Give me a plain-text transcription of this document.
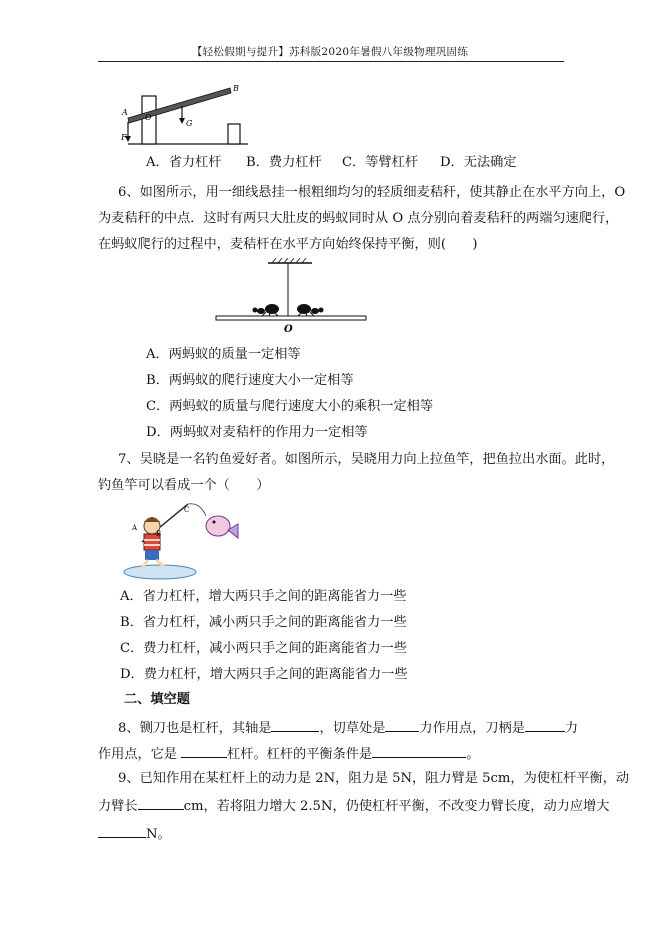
【轻松假期与提升】苏科版2020年暑假八年级物理巩固练
A
B
O
F
G
A．省力杠杆 B．费力杠杆 C．等臂杠杆 D．无法确定
6、如图所示，用一细线悬挂一根粗细均匀的轻质细麦秸秆，使其静止在水平方向上，O
为麦秸秆的中点．这时有两只大肚皮的蚂蚁同时从 O 点分别向着麦秸秆的两端匀速爬行，
在蚂蚁爬行的过程中，麦秸杆在水平方向始终保持平衡，则(　　)
O
A．两蚂蚁的质量一定相等
B．两蚂蚁的爬行速度大小一定相等
C．两蚂蚁的质量与爬行速度大小的乘积一定相等
D．两蚂蚁对麦秸杆的作用力一定相等
7、吴晓是一名钓鱼爱好者。如图所示，吴晓用力向上拉鱼竿，把鱼拉出水面。此时，
钓鱼竿可以看成一个（　　）
A
B
C
A．省力杠杆，增大两只手之间的距离能省力一些
B．省力杠杆，减小两只手之间的距离能省力一些
C．费力杠杆，减小两只手之间的距离能省力一些
D．费力杠杆，增大两只手之间的距离能省力一些
二、填空题
8、铡刀也是杠杆，其轴是	，切草处是	力作用点，刀柄是	力
作用点，它是	杠杆。杠杆的平衡条件是	。
9、已知作用在某杠杆上的动力是 2N，阻力是 5N，阻力臂是 5cm，为使杠杆平衡，动
力臂长	cm，若将阻力增大 2.5N，仍使杠杆平衡，不改变力臂长度，动力应增大
N。
